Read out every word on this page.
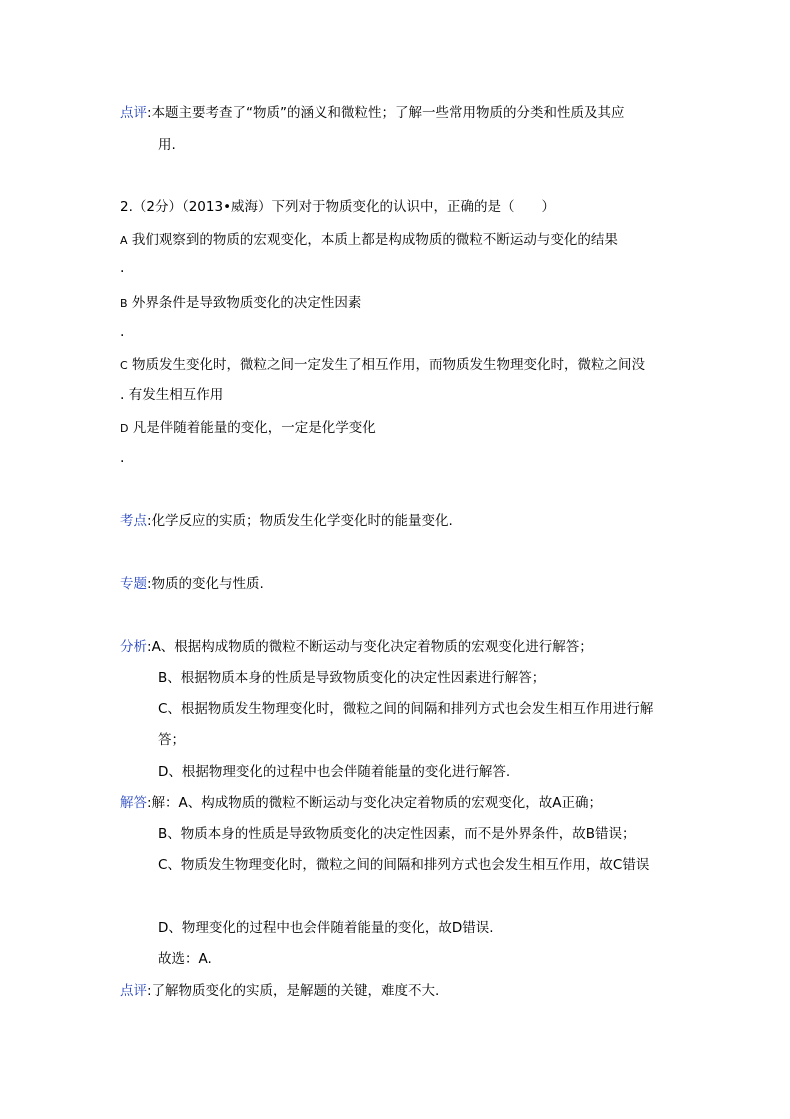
点评:本题主要考查了“物质”的涵义和微粒性；了解一些常用物质的分类和性质及其应
用.
2.（2分）（2013•威海）下列对于物质变化的认识中，正确的是（　　）
A 我们观察到的物质的宏观变化，本质上都是构成物质的微粒不断运动与变化的结果
.
B 外界条件是导致物质变化的决定性因素
.
C 物质发生变化时，微粒之间一定发生了相互作用，而物质发生物理变化时，微粒之间没
. 有发生相互作用
D 凡是伴随着能量的变化，一定是化学变化
.
考点:化学反应的实质；物质发生化学变化时的能量变化.
专题:物质的变化与性质.
分析:A、根据构成物质的微粒不断运动与变化决定着物质的宏观变化进行解答；
B、根据物质本身的性质是导致物质变化的决定性因素进行解答；
C、根据物质发生物理变化时，微粒之间的间隔和排列方式也会发生相互作用进行解
答；
D、根据物理变化的过程中也会伴随着能量的变化进行解答.
解答:解：A、构成物质的微粒不断运动与变化决定着物质的宏观变化，故A正确；
B、物质本身的性质是导致物质变化的决定性因素，而不是外界条件，故B错误；
C、物质发生物理变化时，微粒之间的间隔和排列方式也会发生相互作用，故C错误
D、物理变化的过程中也会伴随着能量的变化，故D错误.
故选：A.
点评:了解物质变化的实质，是解题的关键，难度不大.
